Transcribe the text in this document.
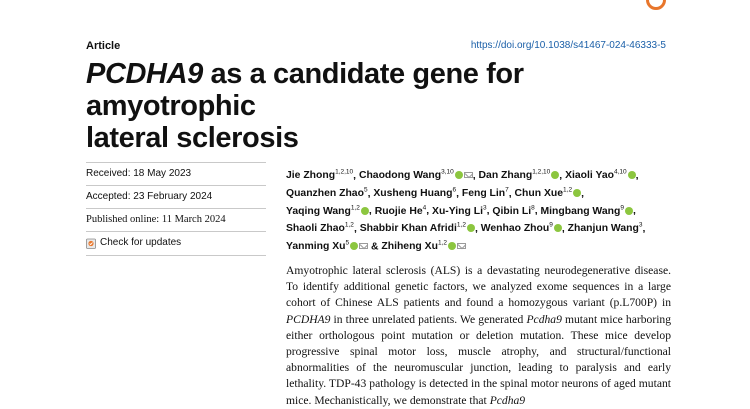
Article	https://doi.org/10.1038/s41467-024-46333-5
PCDHA9 as a candidate gene for amyotrophic
lateral sclerosis
Received: 18 May 2023
Accepted: 23 February 2024
Published online: 11 March 2024
Check for updates
Jie Zhong$^{1,2,10}$, Chaodong Wang$^{3,10}$ , Dan Zhang$^{1,2,10}$ , Xiaoli Yao$^{4,10}$ , Quanzhen Zhao$^5$, Xusheng Huang$^6$, Feng Lin$^7$, Chun Xue$^{1,2}$ , Yaqing Wang$^{1,2}$ , Ruojie He$^4$, Xu-Ying Li$^3$, Qibin Li$^8$, Mingbang Wang$^9$ , Shaoli Zhao$^{1,2}$, Shabbir Khan Afridi$^{1,2}$ , Wenhao Zhou$^9$ , Zhanjun Wang$^3$, Yanming Xu$^5$ & Zhiheng Xu$^{1,2}$

Amyotrophic lateral sclerosis (ALS) is a devastating neurodegenerative disease. To identify additional genetic factors, we analyzed exome sequences in a large cohort of Chinese ALS patients and found a homozygous variant (p.L700P) in PCDHA9 in three unrelated patients. We generated Pcdha9 mutant mice harboring either orthologous point mutation or deletion mutation. These mice develop progressive spinal motor loss, muscle atrophy, and structural/functional abnormalities of the neuromuscular junction, leading to paralysis and early lethality. TDP-43 pathology is detected in the spinal motor neurons of aged mutant mice. Mechanistically, we demonstrate that Pcdha9
